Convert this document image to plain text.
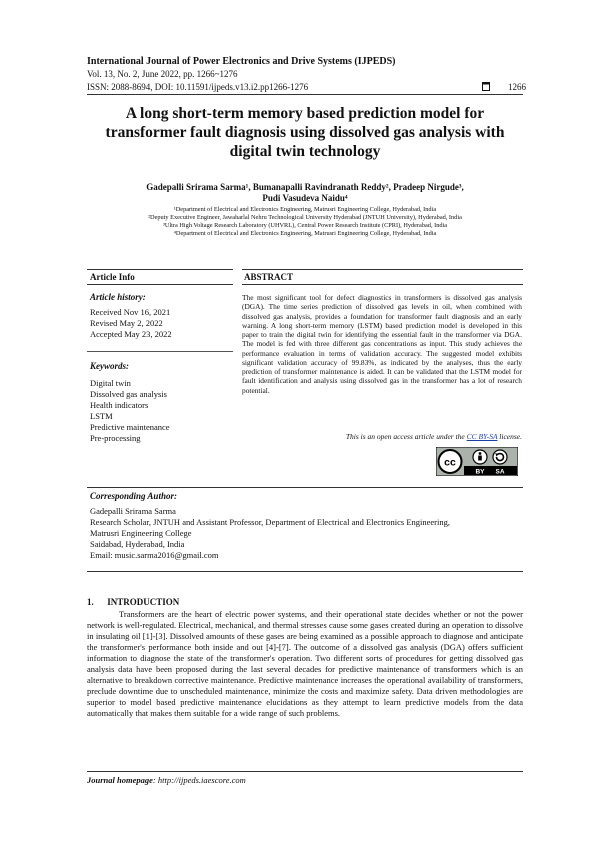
International Journal of Power Electronics and Drive Systems (IJPEDS)
Vol. 13, No. 2, June 2022, pp. 1266~1276
ISSN: 2088-8694, DOI: 10.11591/ijpeds.v13.i2.pp1266-1276	1266
A long short-term memory based prediction model for
transformer fault diagnosis using dissolved gas analysis with
digital twin technology
Gadepalli Srirama Sarma¹, Bumanapalli Ravindranath Reddy², Pradeep Nirgude³,
Pudi Vasudeva Naidu⁴
¹Department of Electrical and Electronics Engineering, Matrusri Engineering College, Hyderabad, India
²Deputy Executive Engineer, Jawaharlal Nehru Technological University Hyderabad (JNTUH University), Hyderabad, India
³Ultra High Voltage Research Laboratory (UHVRL), Central Power Research Institute (CPRI), Hyderabad, India
⁴Department of Electrical and Electronics Engineering, Matrusri Engineering College, Hyderabad, India
Article Info	ABSTRACT
Article history:
Received Nov 16, 2021
Revised May 2, 2022
Accepted May 23, 2022
Keywords:
Digital twin
Dissolved gas analysis
Health indicators
LSTM
Predictive maintenance
Pre-processing
The most significant tool for defect diagnostics in transformers is dissolved gas analysis (DGA). The time series prediction of dissolved gas levels in oil, when combined with dissolved gas analysis, provides a foundation for transformer fault diagnosis and an early warning. A long short-term memory (LSTM) based prediction model is developed in this paper to train the digital twin for identifying the essential fault in the transformer via DGA. The model is fed with three different gas concentrations as input. This study achieves the performance evaluation in terms of validation accuracy. The suggested model exhibits significant validation accuracy of 99.83%, as indicated by the analyses, thus the early prediction of transformer maintenance is aided. It can be validated that the LSTM model for fault identification and analysis using dissolved gas in the transformer has a lot of research potential.
This is an open access article under the CC BY-SA license.
cc
BY SA
Corresponding Author:
Gadepalli Srirama Sarma
Research Scholar, JNTUH and Assistant Professor, Department of Electrical and Electronics Engineering,
Matrusri Engineering College
Saidabad, Hyderabad, India
Email: music.sarma2016@gmail.com
1.      INTRODUCTION
Transformers are the heart of electric power systems, and their operational state decides whether or not the power network is well-regulated. Electrical, mechanical, and thermal stresses cause some gases created during an operation to dissolve in insulating oil [1]-[3]. Dissolved amounts of these gases are being examined as a possible approach to diagnose and anticipate the transformer's performance both inside and out [4]-[7]. The outcome of a dissolved gas analysis (DGA) offers sufficient information to diagnose the state of the transformer's operation. Two different sorts of procedures for getting dissolved gas analysis data have been proposed during the last several decades for predictive maintenance of transformers which is an alternative to breakdown corrective maintenance. Predictive maintenance increases the operational availability of transformers, preclude downtime due to unscheduled maintenance, minimize the costs and maximize safety. Data driven methodologies are superior to model based predictive maintenance elucidations as they attempt to learn predictive models from the data automatically that makes them suitable for a wide range of such problems.
Journal homepage: http://ijpeds.iaescore.com
